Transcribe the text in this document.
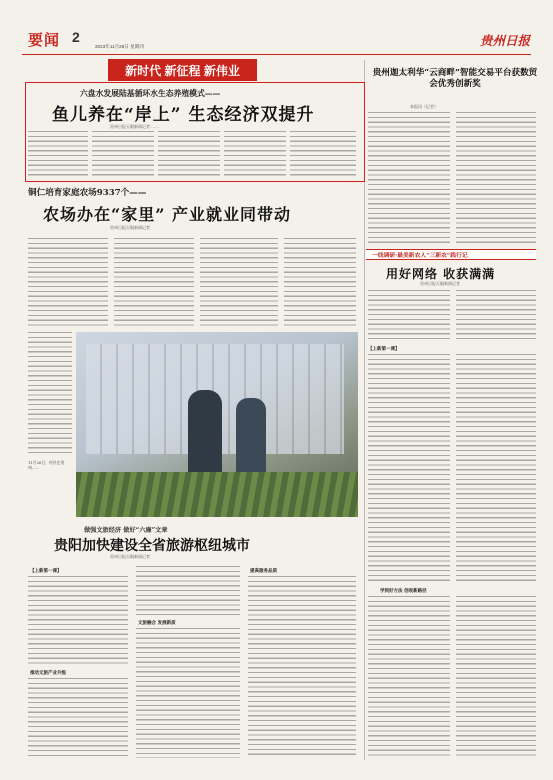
要闻 2
2023年11月28日 星期四	贵州日报
新时代 新征程 新伟业
六盘水发展陆基循环水生态养殖模式——
鱼儿养在“岸上” 生态经济双提升
贵州日报天眼新闻记者 ……
铜仁培育家庭农场9337个——
农场办在“家里” 产业就业同带动
贵州日报天眼新闻记者
11月26日，村民在贵州……
做强文旅经济 做好“六廉”文章
贵阳加快建设全省旅游枢纽城市
贵州日报天眼新闻记者
【上新第一课】
推动文旅产业升级
文旅融合 发展新质
提高服务品质
贵州迦太利华“云商畔”智能交易平台获数贸会优秀创新奖
本报讯（记者）
一线调研·最美新农人“三新农”践行记
用好网络 收获满满
贵州日报天眼新闻记者
【上新第一课】
学到好方法 创收新路径
